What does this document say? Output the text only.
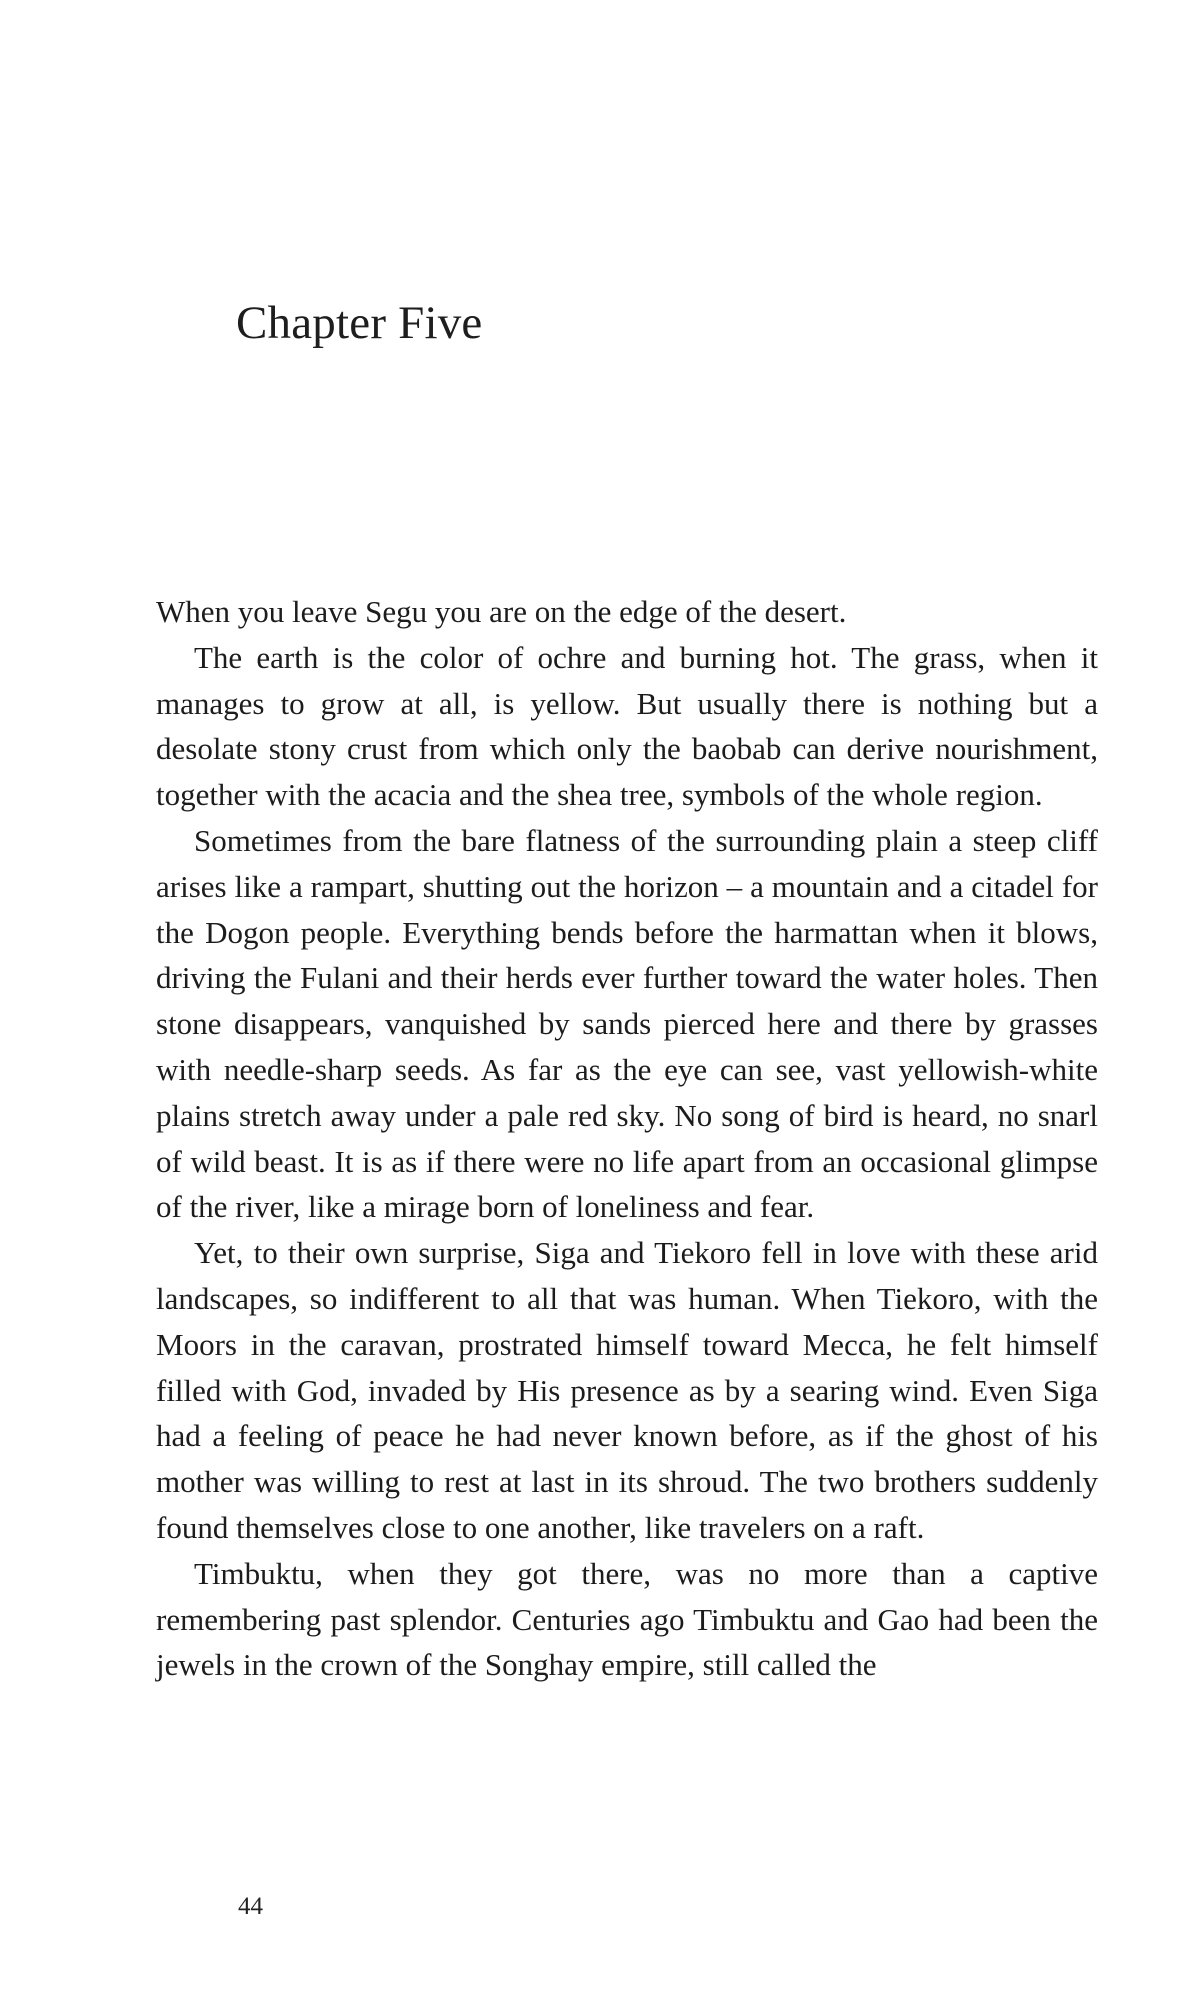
Chapter Five

When you leave Segu you are on the edge of the desert.

The earth is the color of ochre and burning hot. The grass, when it manages to grow at all, is yellow. But usually there is nothing but a desolate stony crust from which only the baobab can derive nourishment, together with the acacia and the shea tree, symbols of the whole region.

Sometimes from the bare flatness of the surrounding plain a steep cliff arises like a rampart, shutting out the horizon – a mountain and a citadel for the Dogon people. Everything bends before the harmattan when it blows, driving the Fulani and their herds ever further toward the water holes. Then stone disappears, vanquished by sands pierced here and there by grasses with needle-sharp seeds. As far as the eye can see, vast yellowish-white plains stretch away under a pale red sky. No song of bird is heard, no snarl of wild beast. It is as if there were no life apart from an occasional glimpse of the river, like a mirage born of loneliness and fear.

Yet, to their own surprise, Siga and Tiekoro fell in love with these arid landscapes, so indifferent to all that was human. When Tiekoro, with the Moors in the caravan, prostrated himself toward Mecca, he felt himself filled with God, invaded by His presence as by a searing wind. Even Siga had a feeling of peace he had never known before, as if the ghost of his mother was willing to rest at last in its shroud. The two brothers suddenly found themselves close to one another, like travelers on a raft.

Timbuktu, when they got there, was no more than a captive remembering past splendor. Centuries ago Timbuktu and Gao had been the jewels in the crown of the Songhay empire, still called the

44
